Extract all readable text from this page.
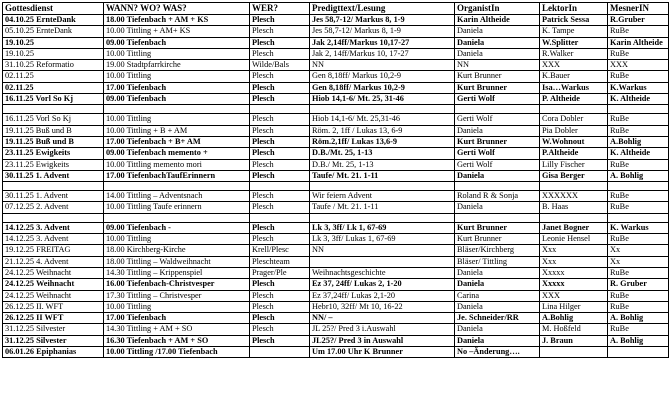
Gottesdienst	WANN? WO? WAS?	WER?	Predigttext/Lesung	OrganistIn	LektorIn	MesnerIN
04.10.25 ErnteDank	18.00 Tiefenbach + AM + KS	Plesch	Jes 58,7-12/ Markus 8, 1-9	Karin Altheide	Patrick Sessa	R.Gruber
05.10.25 ErnteDank	10.00 Tittling + AM+ KS	Plesch	Jes 58,7-12/ Markus 8, 1-9	Daniela	K. Tampe	RuBe
19.10.25	09.00 Tiefenbach	Plesch	Jak 2,14ff/Markus 10,17-27	Daniela	W.Splitter	Karin Altheide
19.10.25	10.00 Tittling	Plesch	Jak 2, 14ff/Markus 10, 17-27	Daniela	R.Walker	RuBe
31.10.25 Reformatio	19.00 Stadtpfarrkirche	Wilde/Bals	NN	NN	XXX	XXX
02.11.25	10.00 Tittling	Plesch	Gen 8,18ff/ Markus 10,2-9	Kurt Brunner	K.Bauer	RuBe
02.11.25	17.00 Tiefenbach	Plesch	Gen 8,18ff/ Markus 10,2-9	Kurt Brunner	Isa…Warkus	K.Warkus
16.11.25 Vorl So Kj	09.00 Tiefenbach	Plesch	Hiob 14,1-6/ Mt. 25, 31-46	Gerti Wolf	P. Altheide	K. Altheide

16.11.25 Vorl So Kj	10.00 Tittling	Plesch	Hiob 14,1-6/ Mt. 25,31-46	Gerti Wolf	Cora Dobler	RuBe
19.11.25 Buß und B	10.00 Tittling + B + AM	Plesch	Röm. 2, 1ff / Lukas 13, 6-9	Daniela	Pia Dobler	RuBe
19.11.25 Buß und B	17.00 Tiefenbach + B+ AM	Plesch	Röm.2,1ff/ Lukas 13,6-9	Kurt Brunner	W.Wohnout	A.Bohlig
23.11.25 Ewigkeits	09.00 Tiefenbach memento +	Plesch	D.B./Mt. 25, 1-13	Gerti Wolf	P.Altheide	K. Altheide
23.11.25 Ewigkeits	10.00 Tittling memento mori	Plesch	D.B./ Mt. 25, 1-13	Gerti Wolf	Lilly Fischer	RuBe
30.11.25 1. Advent	17.00 TiefenbachTaufErinnern	Plesch	Taufe/ Mt. 21. 1-11	Daniela	Gisa Berger	A. Bohlig

30.11.25 1. Advent	14.00 Tittling – Adventsnach	Plesch	Wir feiern Advent	Roland R & Sonja	XXXXXX	RuBe
07.12.25 2. Advent	10.00 Tittling Taufe erinnern	Plesch	Taufe / Mt. 21. 1-11	Daniela	B. Haas	RuBe

14.12.25 3. Advent	09.00 Tiefenbach -	Plesch	Lk 3, 3ff/ Lk 1, 67-69	Kurt Brunner	Janet Bogner	K. Warkus
14.12.25 3. Advent	10.00 Tittling	Plesch	Lk 3, 3ff/ Lukas 1, 67-69	Kurt Brunner	Leonie Hensel	RuBe
19.12.25 FREITAG	18.00 Kirchberg-Kirche	Krell/Plesc	NN	Bläser/Kirchberg	Xxx	Xx
21.12.25 4. Advent	18.00 Tittling – Waldweihnacht	Pleschteam		Bläser/ Tittling	Xxx	Xx
24.12.25 Weihnacht	14.30 Tittling – Krippenspiel	Prager/Ple	Weihnachtsgeschichte	Daniela	Xxxxx	RuBe
24.12.25 Weihnacht	16.00 Tiefenbach-Christvesper	Plesch	Ez 37, 24ff/ Lukas 2, 1-20	Daniela	Xxxxx	R. Gruber
24.12.25 Weihnacht	17.30 Tittling – Christvesper	Plesch	Ez 37,24ff/ Lukas 2,1-20	Carina	XXX	RuBe
26.12.25 II. WFT	10.00 Tittling	Plesch	Hebr10, 32ff/ Mt 10, 16-22	Daniela	Lina Hilger	RuBe
26.12.25 II WFT	17.00 Tiefenbach	Plesch	NN/ –	Je. Schneider/RR	A.Bohlig	A. Bohlig
31.12.25 Silvester	14.30 Tittling + AM + SO	Plesch	JL 25?/ Pred 3 i.Auswahl	Daniela	M. Hoßfeld	RuBe
31.12.25 Silvester	16.30 Tiefenbach + AM + SO	Plesch	JL25?/ Pred 3 in Auswahl	Daniela	J. Braun	A. Bohlig
06.01.26 Epiphanias	10.00 Tittling /17.00 Tiefenbach		Um 17.00 Uhr K Brunner	No –Änderung….		
